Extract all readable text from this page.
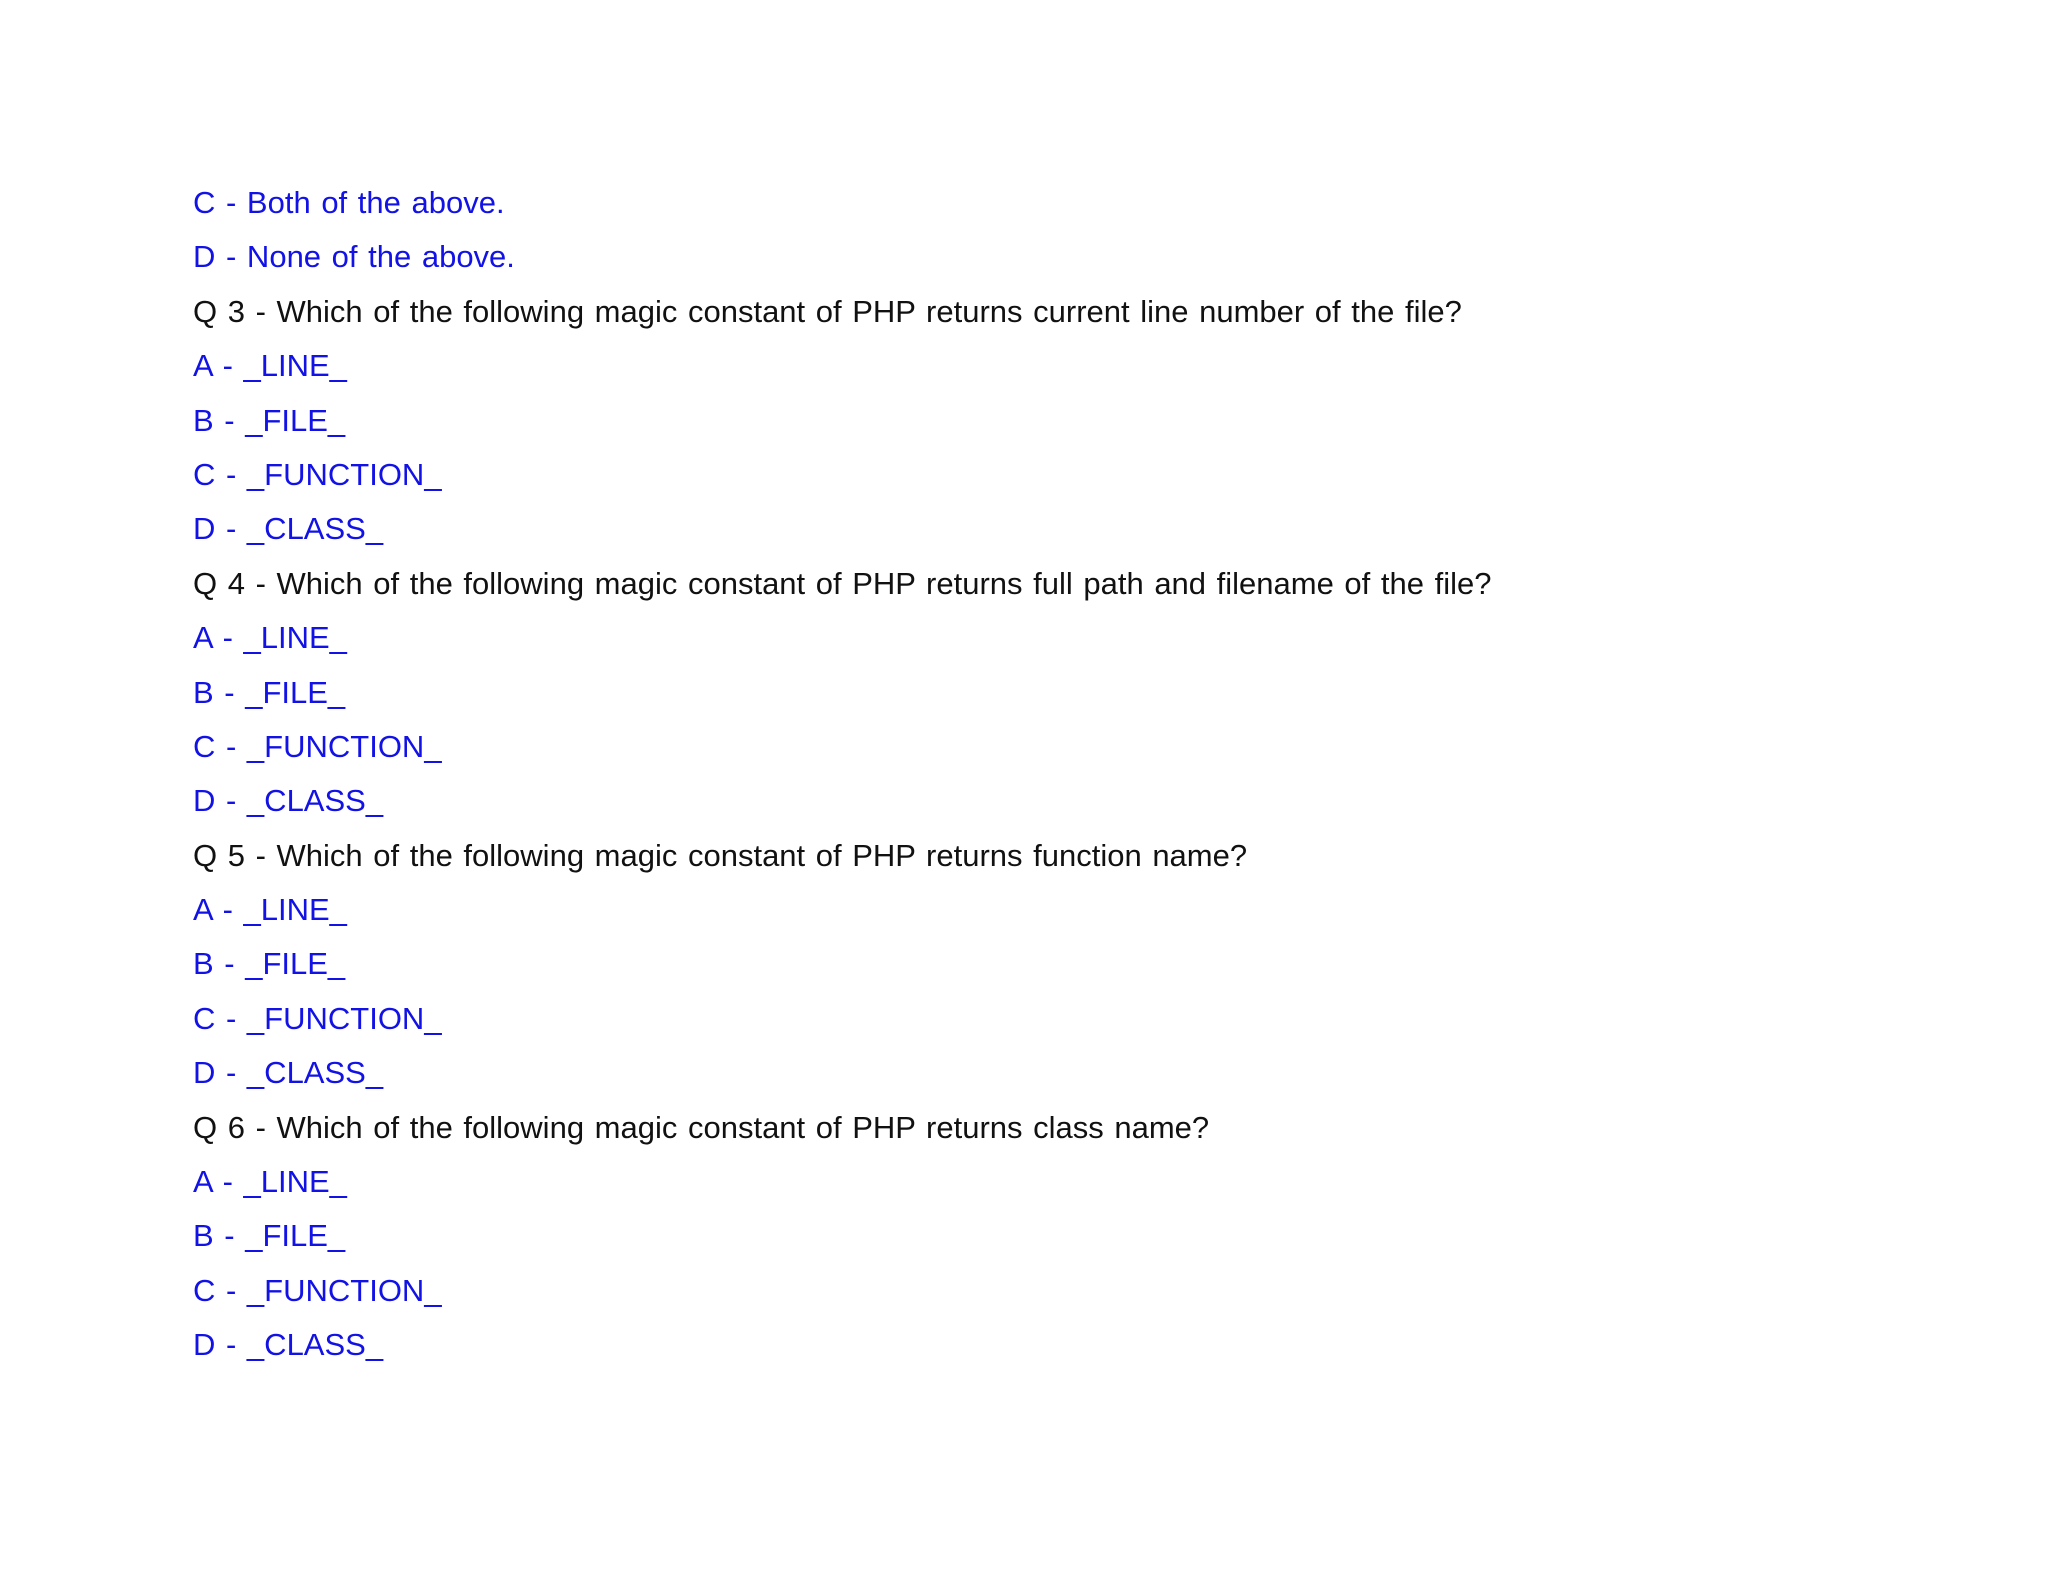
C - Both of the above.
D - None of the above.
Q 3 - Which of the following magic constant of PHP returns current line number of the file?
A - _LINE_
B - _FILE_
C - _FUNCTION_
D - _CLASS_
Q 4 - Which of the following magic constant of PHP returns full path and filename of the file?
A - _LINE_
B - _FILE_
C - _FUNCTION_
D - _CLASS_
Q 5 - Which of the following magic constant of PHP returns function name?
A - _LINE_
B - _FILE_
C - _FUNCTION_
D - _CLASS_
Q 6 - Which of the following magic constant of PHP returns class name?
A - _LINE_
B - _FILE_
C - _FUNCTION_
D - _CLASS_
